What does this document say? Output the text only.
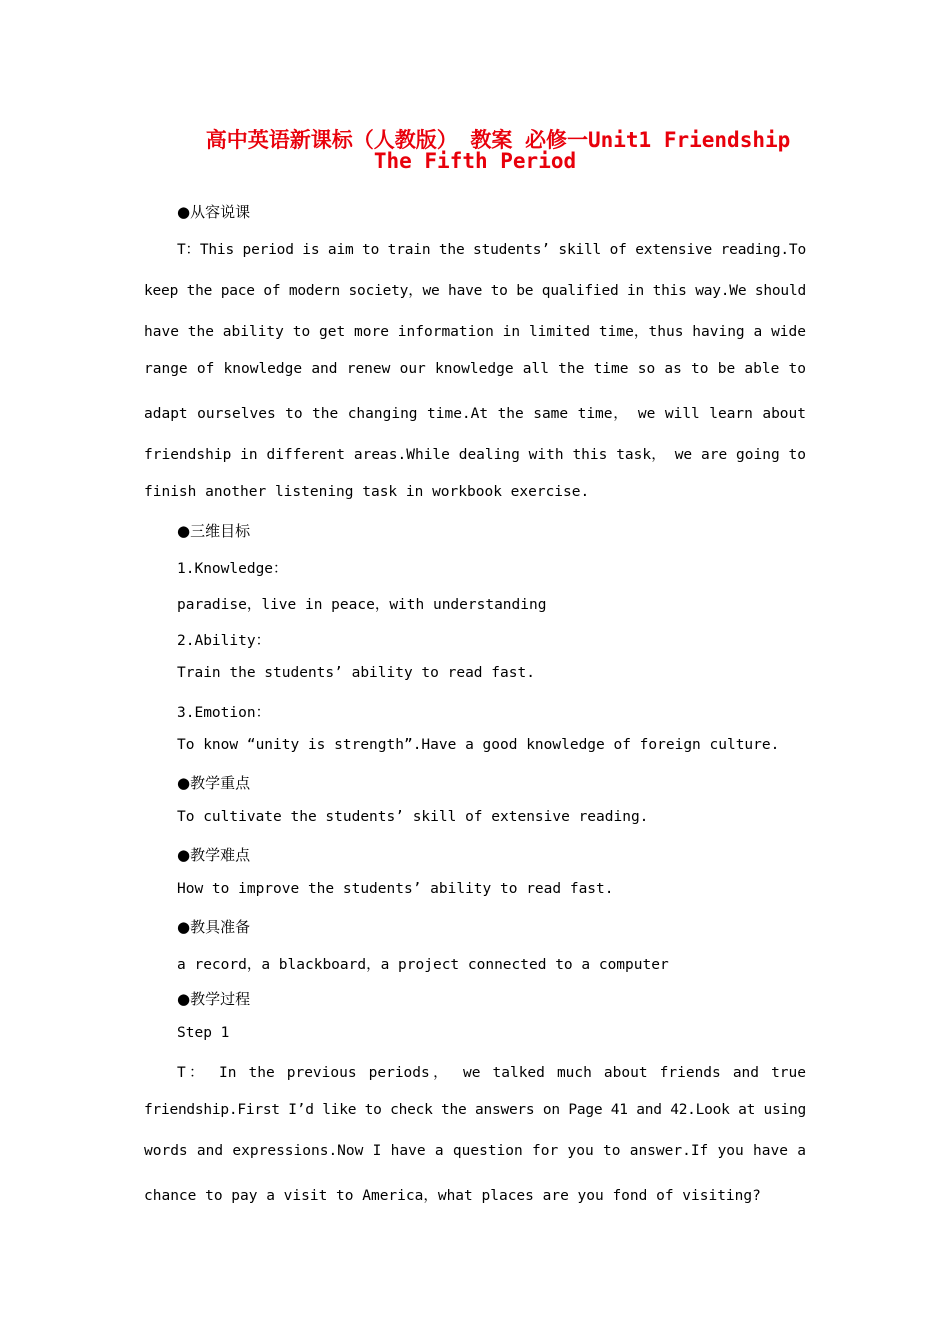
高中英语新课标（人教版） 教案 必修一Unit1 Friendship
The Fifth Period
●从容说课
T：This period is aim to train the students’ skill of extensive reading.To
keep the pace of modern society，we have to be qualified in this way.We should
have the ability to get more information in limited time，thus having a wide
range of knowledge and renew our knowledge all the time so as to be able to
adapt ourselves to the changing time.At the same time， we will learn about
friendship in different areas.While dealing with this task， we are going to
finish another listening task in workbook exercise.
●三维目标
1.Knowledge：
paradise，live in peace，with understanding
2.Ability：
Train the students’ ability to read fast.
3.Emotion：
To know “unity is strength”.Have a good knowledge of foreign culture.
●教学重点
To cultivate the students’ skill of extensive reading.
●教学难点
How to improve the students’ ability to read fast.
●教具准备
a record，a blackboard，a project connected to a computer
●教学过程
Step 1
T： In the previous periods， we talked much about friends and true
friendship.First I’d like to check the answers on Page 41 and 42.Look at using
words and expressions.Now I have a question for you to answer.If you have a
chance to pay a visit to America，what places are you fond of visiting?
